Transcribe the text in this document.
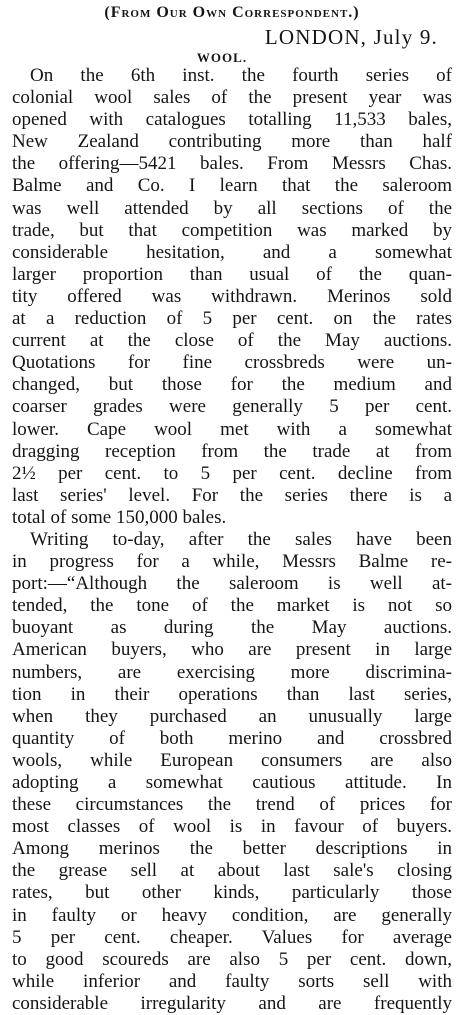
(From Our Own Correspondent.)
LONDON, July 9.
WOOL.
On the 6th inst. the fourth series of
colonial wool sales of the present year was
opened with catalogues totalling 11,533 bales,
New Zealand contributing more than half
the offering—5421 bales. From Messrs Chas.
Balme and Co. I learn that the saleroom
was well attended by all sections of the
trade, but that competition was marked by
considerable hesitation, and a somewhat
larger proportion than usual of the quan-
tity offered was withdrawn. Merinos sold
at a reduction of 5 per cent. on the rates
current at the close of the May auctions.
Quotations for fine crossbreds were un-
changed, but those for the medium and
coarser grades were generally 5 per cent.
lower. Cape wool met with a somewhat
dragging reception from the trade at from
2½ per cent. to 5 per cent. decline from
last series' level. For the series there is a
total of some 150,000 bales.
Writing to-day, after the sales have been
in progress for a while, Messrs Balme re-
port:—“Although the saleroom is well at-
tended, the tone of the market is not so
buoyant as during the May auctions.
American buyers, who are present in large
numbers, are exercising more discrimina-
tion in their operations than last series,
when they purchased an unusually large
quantity of both merino and crossbred
wools, while European consumers are also
adopting a somewhat cautious attitude. In
these circumstances the trend of prices for
most classes of wool is in favour of buyers.
Among merinos the better descriptions in
the grease sell at about last sale's closing
rates, but other kinds, particularly those
in faulty or heavy condition, are generally
5 per cent. cheaper. Values for average
to good scoureds are also 5 per cent. down,
while inferior and faulty sorts sell with
considerable irregularity and are frequently
